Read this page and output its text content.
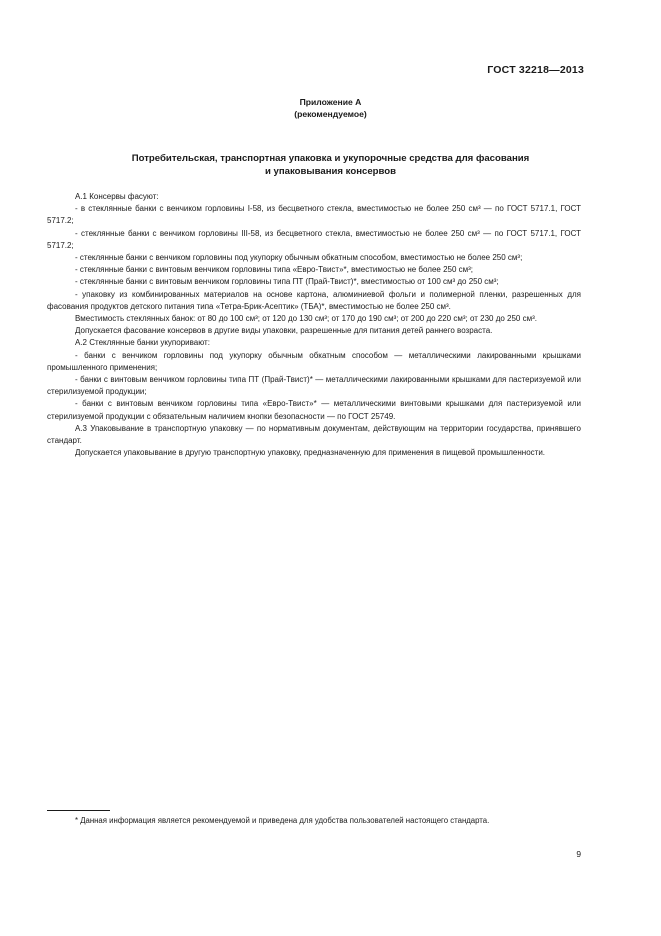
ГОСТ 32218—2013
Приложение А
(рекомендуемое)
Потребительская, транспортная упаковка и укупорочные средства для фасования
и упаковывания консервов

А.1 Консервы фасуют:

- в стеклянные банки с венчиком горловины I-58, из бесцветного стекла, вместимостью не более 250 см³ — по ГОСТ 5717.1, ГОСТ 5717.2;

- стеклянные банки с венчиком горловины III-58, из бесцветного стекла, вместимостью не более 250 см³ — по ГОСТ 5717.1, ГОСТ 5717.2;

- стеклянные банки с венчиком горловины под укупорку обычным обкатным способом, вместимостью не более 250 см³;

- стеклянные банки с винтовым венчиком горловины типа «Евро-Твист»*, вместимостью не более 250 см³;

- стеклянные банки с винтовым венчиком горловины типа ПТ (Прай-Твист)*, вместимостью от 100 см³ до 250 см³;

- упаковку из комбинированных материалов на основе картона, алюминиевой фольги и полимерной пленки, разрешенных для фасования продуктов детского питания типа «Тетра-Брик-Асептик» (ТБА)*, вместимостью не более 250 см³.

Вместимость стеклянных банок: от 80 до 100 см³; от 120 до 130 см³; от 170 до 190 см³; от 200 до 220 см³; от 230 до 250 см³.

Допускается фасование консервов в другие виды упаковки, разрешенные для питания детей раннего возраста.

А.2 Стеклянные банки укупоривают:

- банки с венчиком горловины под укупорку обычным обкатным способом — металлическими лакированными крышками промышленного применения;

- банки с винтовым венчиком горловины типа ПТ (Прай-Твист)* — металлическими лакированными крышками для пастеризуемой или стерилизуемой продукции;

- банки с винтовым венчиком горловины типа «Евро-Твист»* — металлическими винтовыми крышками для пастеризуемой или стерилизуемой продукции с обязательным наличием кнопки безопасности — по ГОСТ 25749.

А.3 Упаковывание в транспортную упаковку — по нормативным документам, действующим на территории государства, принявшего стандарт.

Допускается упаковывание в другую транспортную упаковку, предназначенную для применения в пищевой промышленности.

* Данная информация является рекомендуемой и приведена для удобства пользователей настоящего стандарта.
9
